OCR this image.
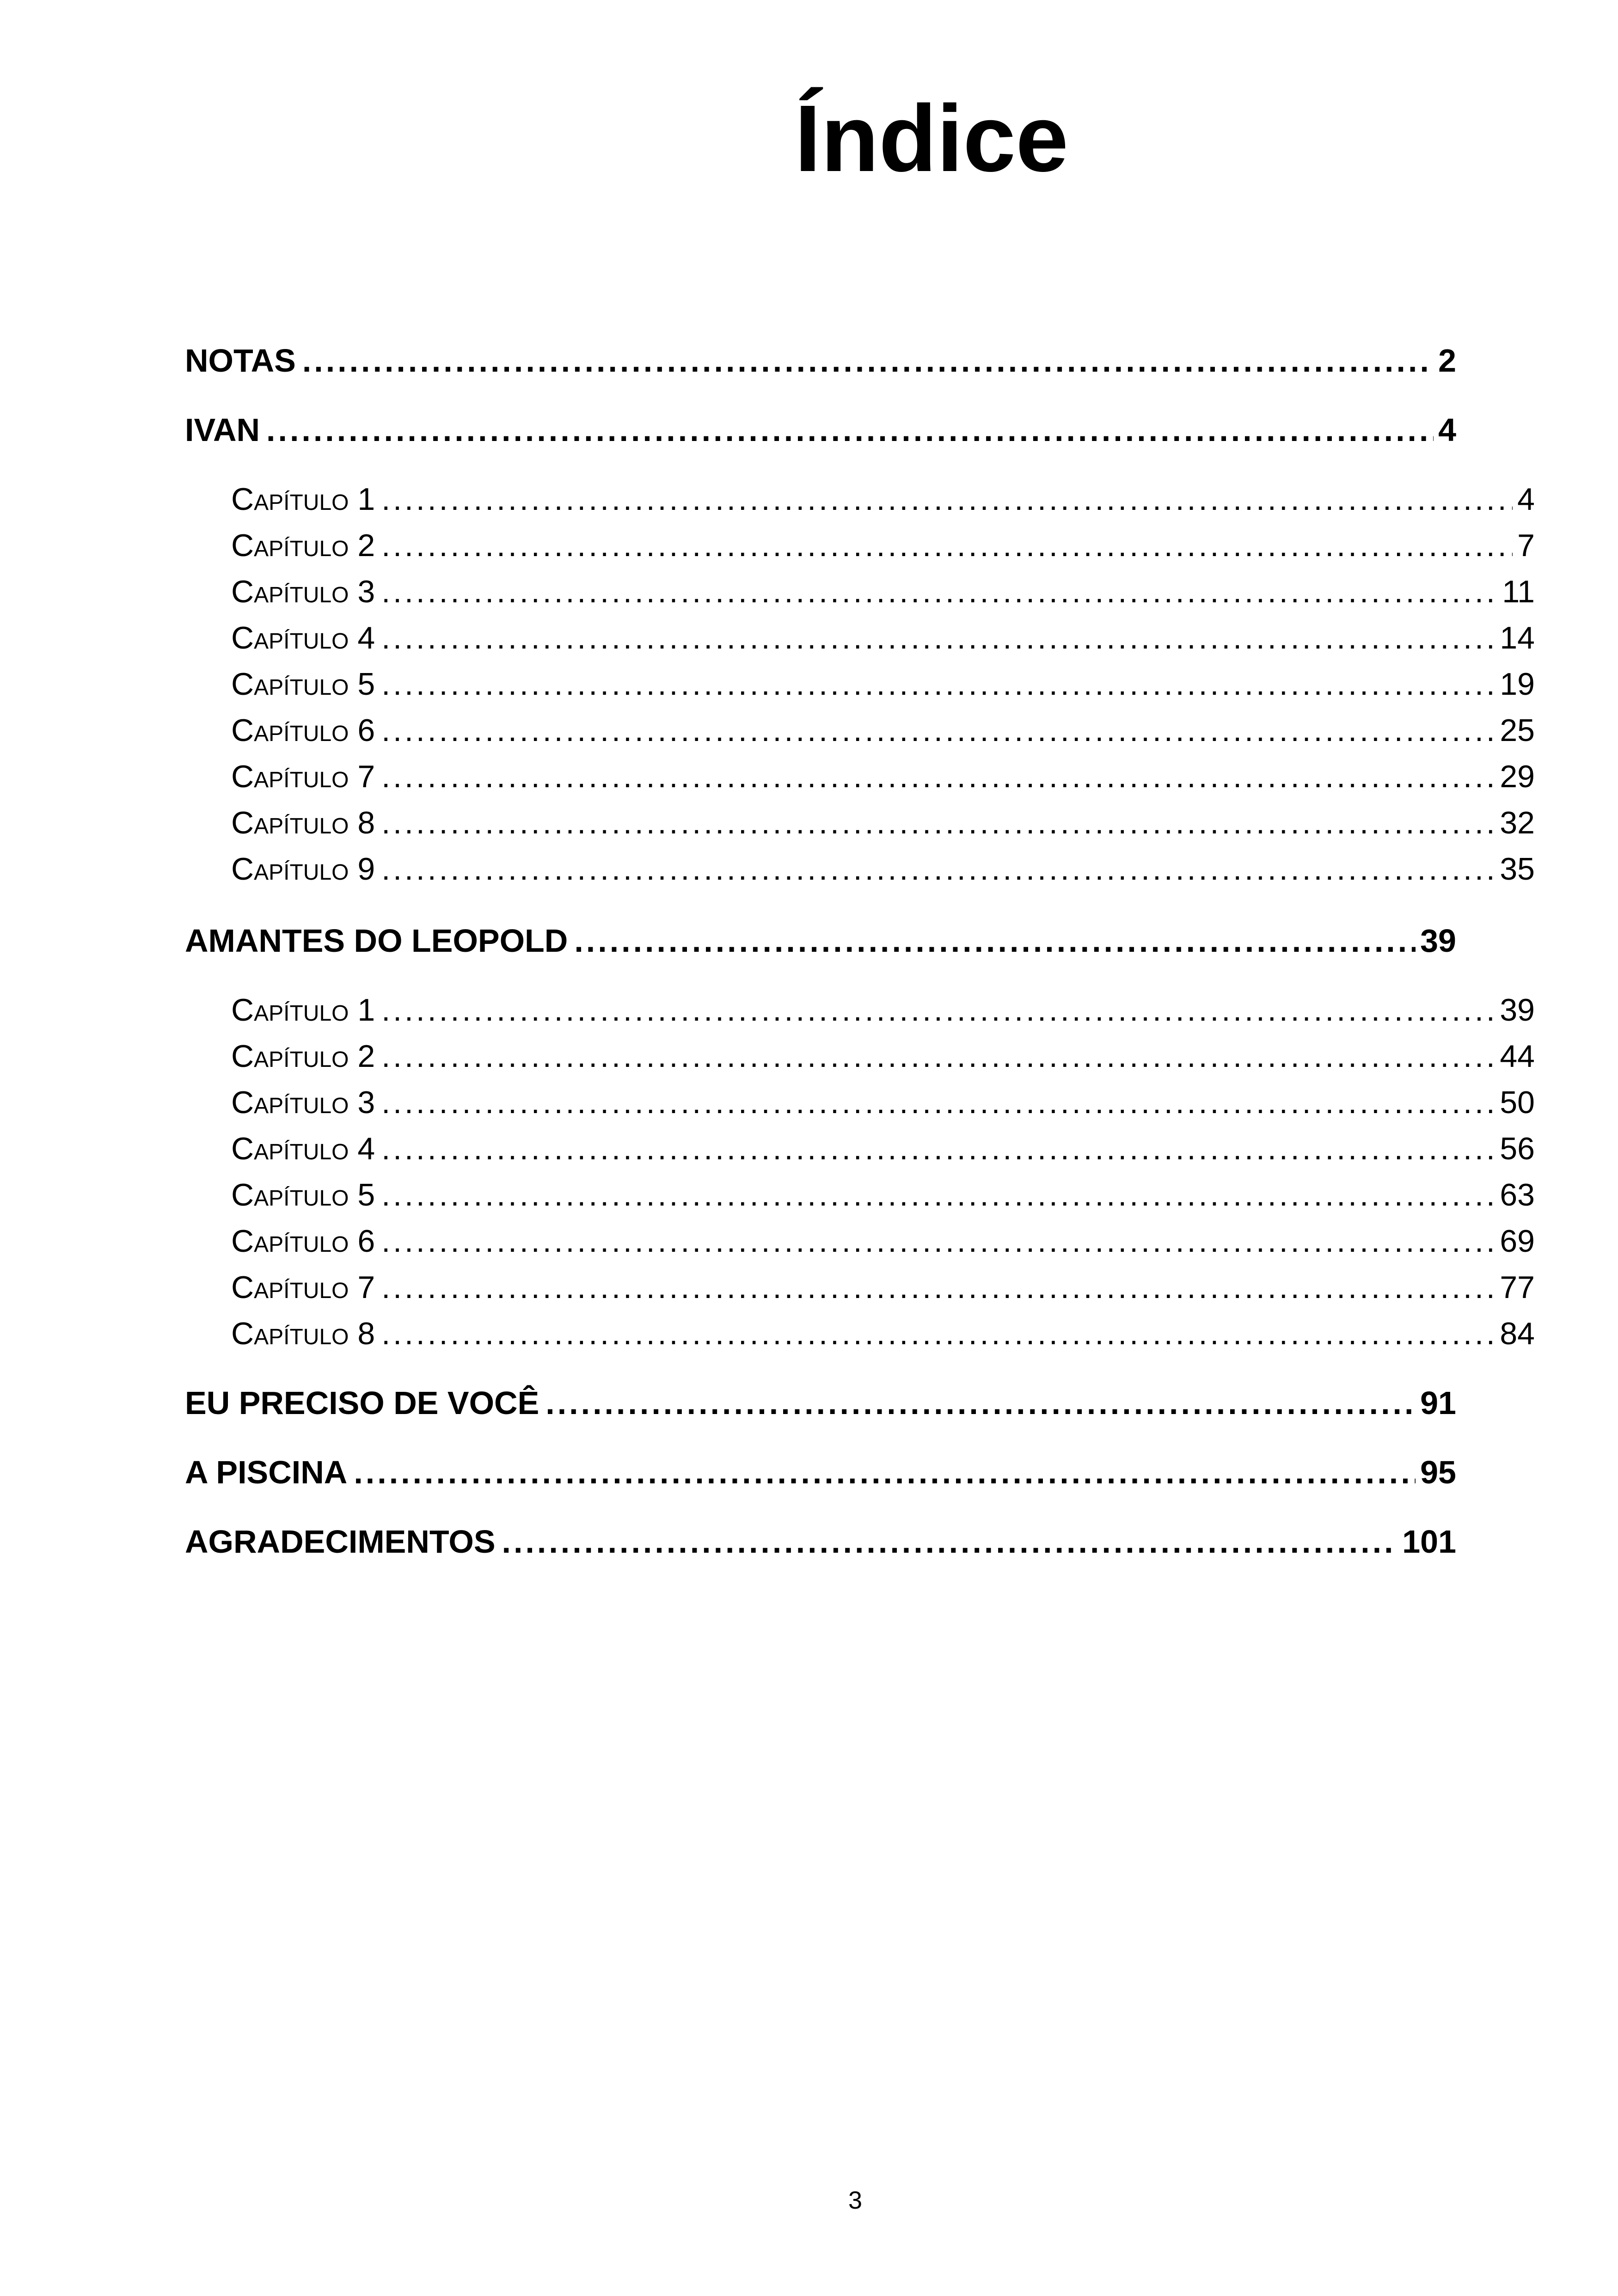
Índice
NOTAS .....	2
IVAN .....	4
Capítulo 1 .....	4
Capítulo 2 .....	7
Capítulo 3 .....	11
Capítulo 4 .....	14
Capítulo 5 .....	19
Capítulo 6 .....	25
Capítulo 7 .....	29
Capítulo 8 .....	32
Capítulo 9 .....	35
AMANTES DO LEOPOLD .....	39
Capítulo 1 .....	39
Capítulo 2 .....	44
Capítulo 3 .....	50
Capítulo 4 .....	56
Capítulo 5 .....	63
Capítulo 6 .....	69
Capítulo 7 .....	77
Capítulo 8 .....	84
EU PRECISO DE VOCÊ .....	91
A PISCINA .....	95
AGRADECIMENTOS .....	101
3
